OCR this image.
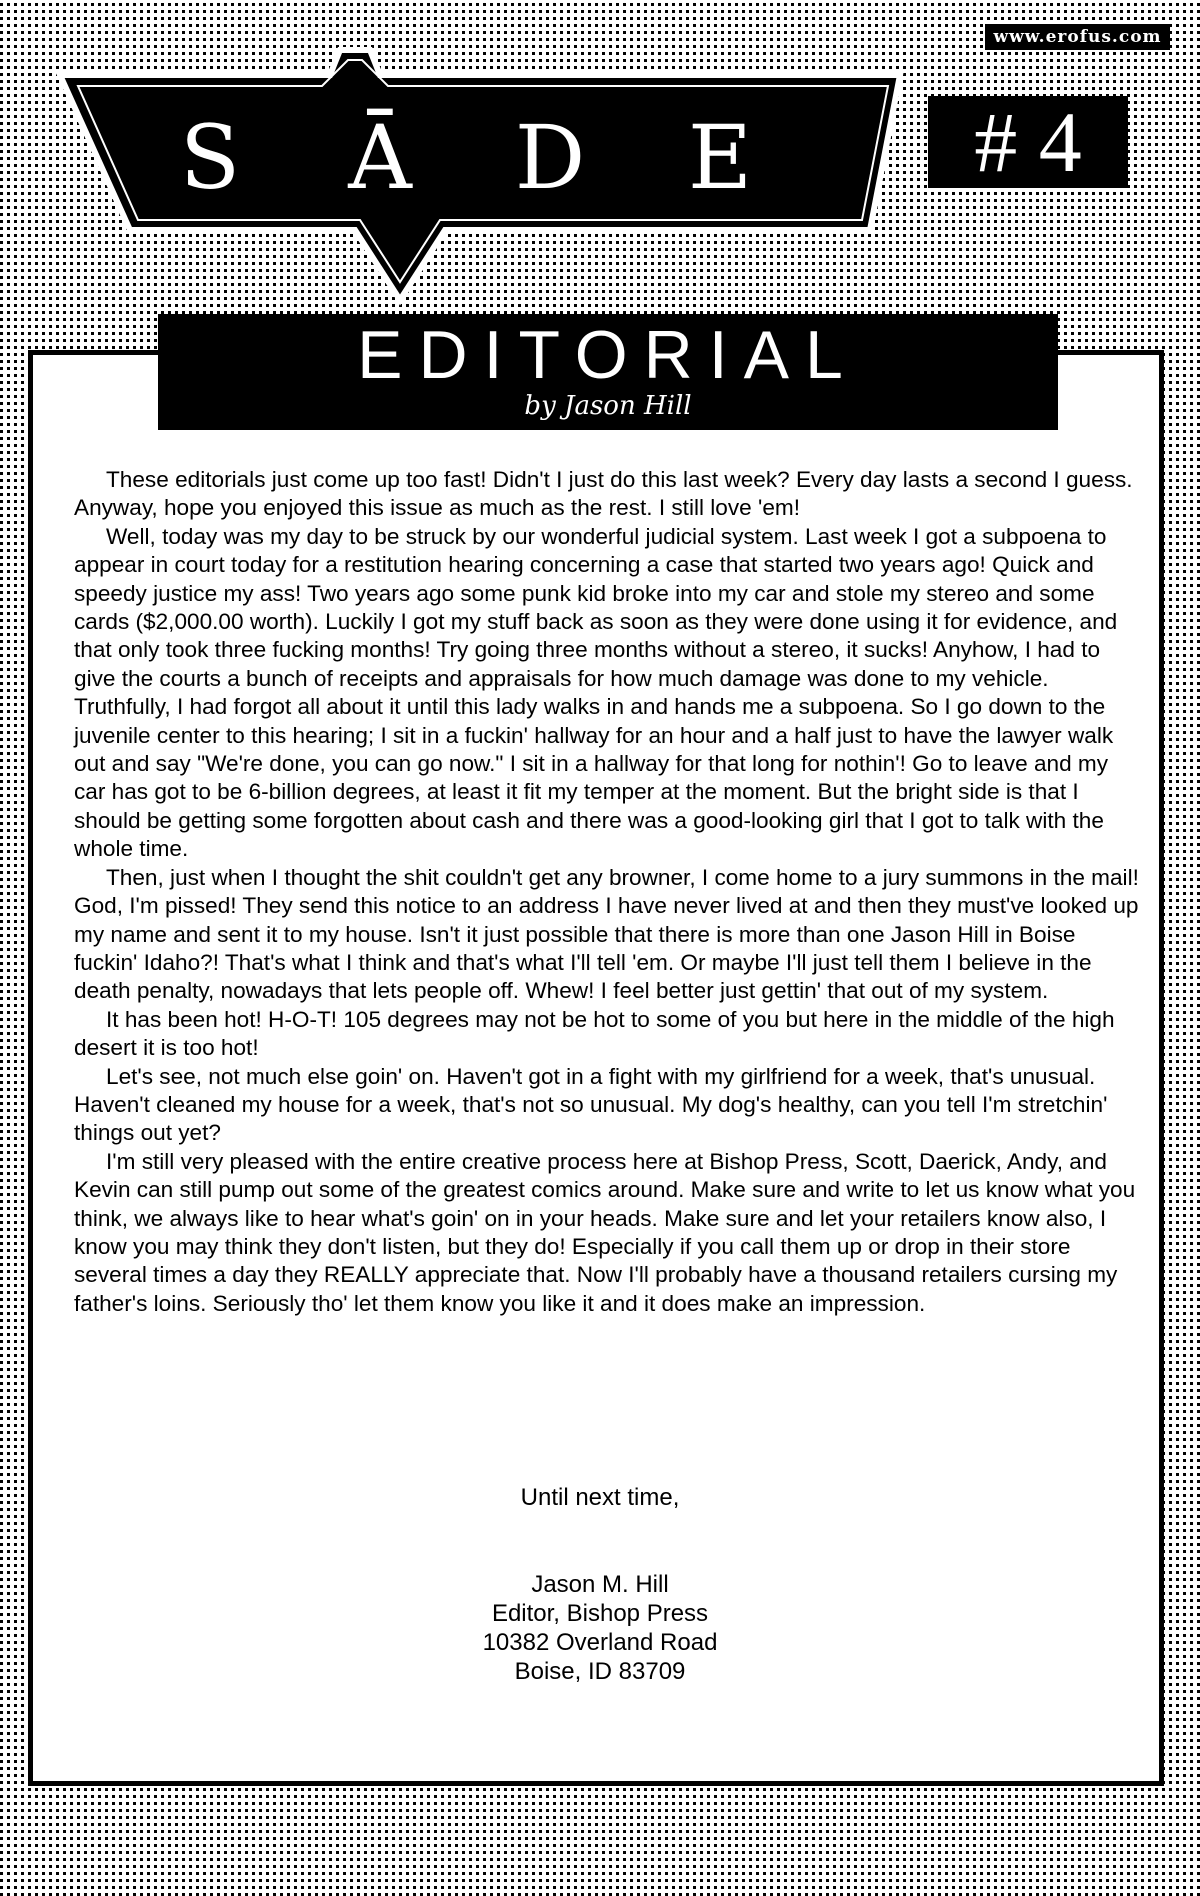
www.erofus.com
S	Ā	D	E	# 4
EDITORIAL
by Jason Hill

These editorials just come up too fast! Didn't I just do this last week? Every day lasts a second I guess. Anyway, hope you enjoyed this issue as much as the rest. I still love 'em!

Well, today was my day to be struck by our wonderful judicial system. Last week I got a subpoena to appear in court today for a restitution hearing concerning a case that started two years ago! Quick and speedy justice my ass! Two years ago some punk kid broke into my car and stole my stereo and some cards ($2,000.00 worth). Luckily I got my stuff back as soon as they were done using it for evidence, and that only took three fucking months! Try going three months without a stereo, it sucks! Anyhow, I had to give the courts a bunch of receipts and appraisals for how much damage was done to my vehicle. Truthfully, I had forgot all about it until this lady walks in and hands me a subpoena. So I go down to the juvenile center to this hearing; I sit in a fuckin' hallway for an hour and a half just to have the lawyer walk out and say "We're done, you can go now." I sit in a hallway for that long for nothin'! Go to leave and my car has got to be 6-billion degrees, at least it fit my temper at the moment. But the bright side is that I should be getting some forgotten about cash and there was a good-looking girl that I got to talk with the whole time.

Then, just when I thought the shit couldn't get any browner, I come home to a jury summons in the mail! God, I'm pissed! They send this notice to an address I have never lived at and then they must've looked up my name and sent it to my house. Isn't it just possible that there is more than one Jason Hill in Boise fuckin' Idaho?! That's what I think and that's what I'll tell 'em. Or maybe I'll just tell them I believe in the death penalty, nowadays that lets people off. Whew! I feel better just gettin' that out of my system.

It has been hot! H-O-T! 105 degrees may not be hot to some of you but here in the middle of the high desert it is too hot!

Let's see, not much else goin' on. Haven't got in a fight with my girlfriend for a week, that's unusual. Haven't cleaned my house for a week, that's not so unusual. My dog's healthy, can you tell I'm stretchin' things out yet?

I'm still very pleased with the entire creative process here at Bishop Press, Scott, Daerick, Andy, and Kevin can still pump out some of the greatest comics around. Make sure and write to let us know what you think, we always like to hear what's goin' on in your heads. Make sure and let your retailers know also, I know you may think they don't listen, but they do! Especially if you call them up or drop in their store several times a day they REALLY appreciate that. Now I'll probably have a thousand retailers cursing my father's loins. Seriously tho' let them know you like it and it does make an impression.

Until next time,
Jason M. Hill
Editor, Bishop Press
10382 Overland Road
Boise, ID 83709
